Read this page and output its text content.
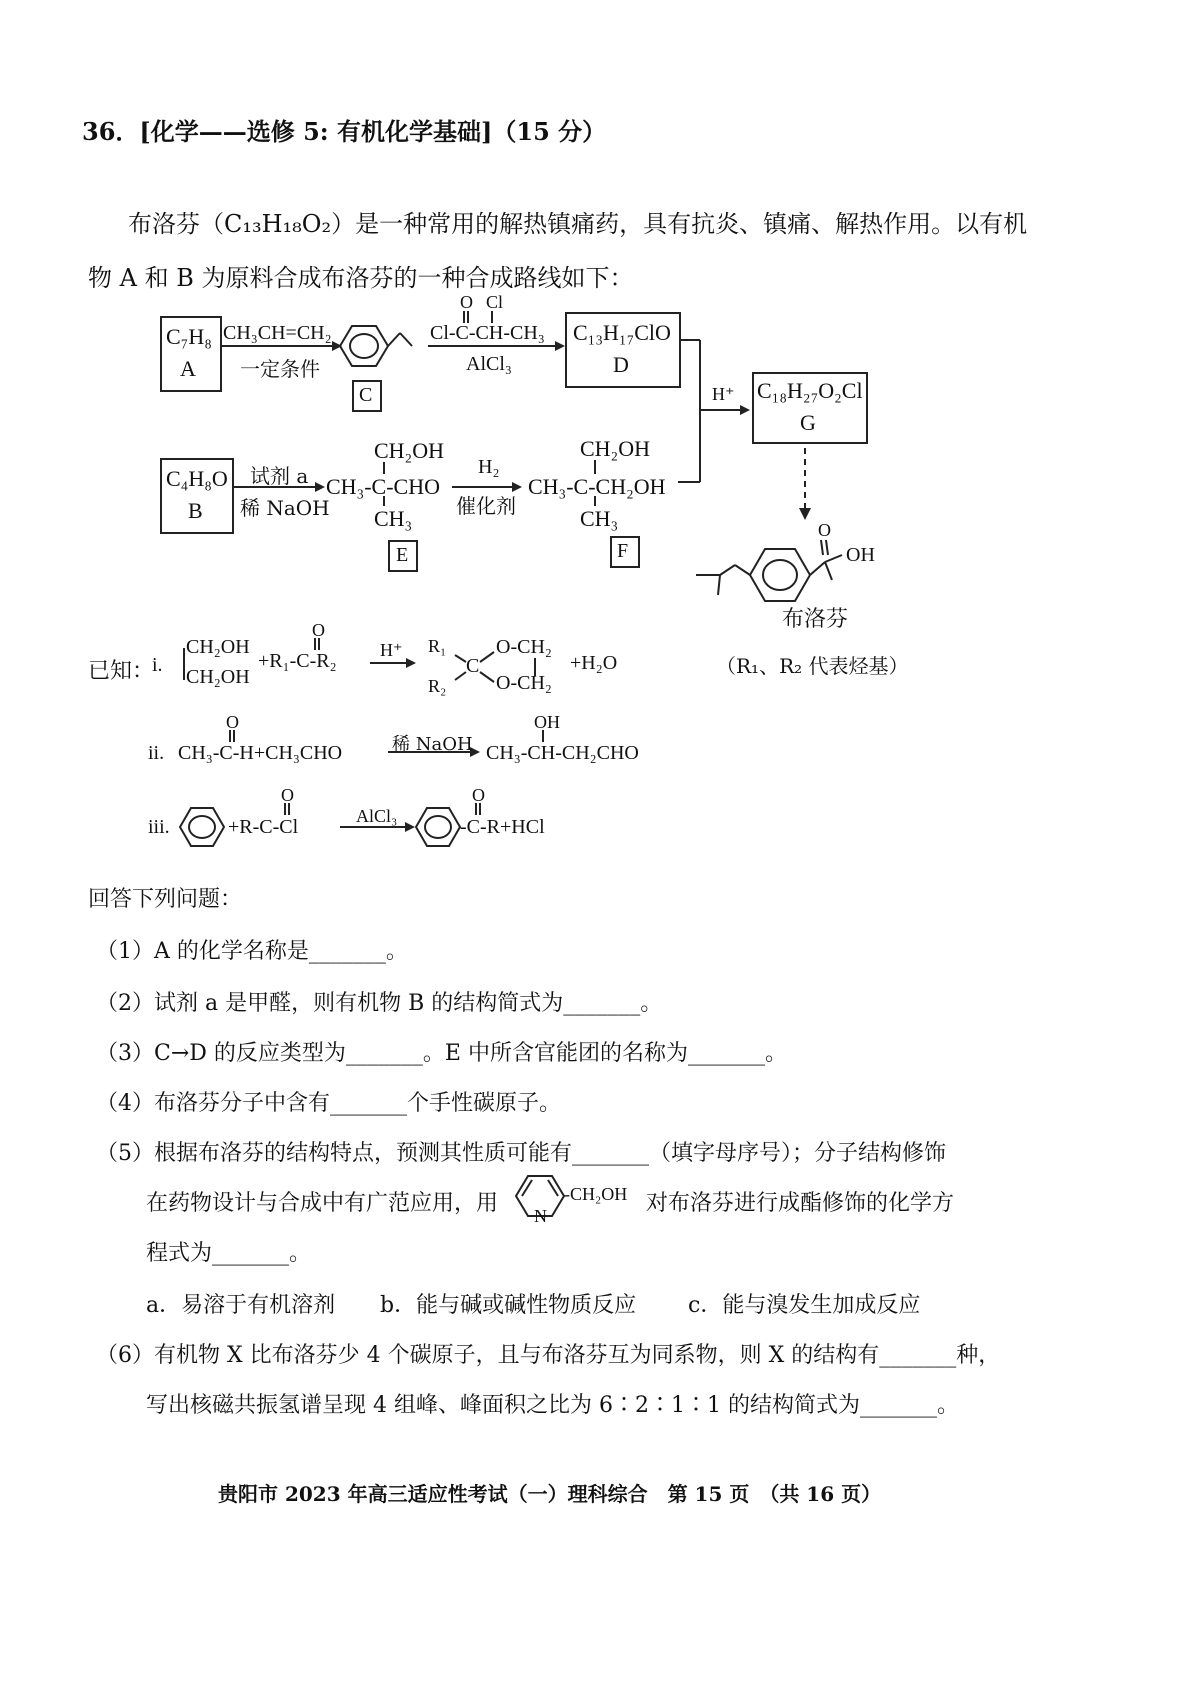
36．[化学——选修 5: 有机化学基础]（15 分）
布洛芬（C₁₃H₁₈O₂）是一种常用的解热镇痛药，具有抗炎、镇痛、解热作用。以有机
物 A 和 B 为原料合成布洛芬的一种合成路线如下：
C₇H₈
A
CH₃CH=CH₂
一定条件
C
O Cl
Cl-C-CH-CH₃
AlCl₃
C₁₃H₁₇ClO
D
H⁺ C₁₈H₂₇O₂Cl
G
C₄H₈O
B
试剂 a
稀 NaOH
CH₂OH
CH₃-C-CHO
CH₃
E
H₂
催化剂
CH₂OH
CH₃-C-CH₂OH
CH₃
F
O
OH
布洛芬
（R₁、R₂ 代表烃基）
已知：
i.
CH₂OH
CH₂OH
O
+R₁-C-R₂ H⁺ R₁
R₂
C
O-CH₂
O-CH₂
+H₂O
ii.
O
CH₃-C-H+CH₃CHO	稀 NaOH
OH
CH₃-CH-CH₂CHO
iii.
O
+R-C-Cl	AlCl₃
O
-C-R+HCl
回答下列问题：
（1）A 的化学名称是_______。
（2）试剂 a 是甲醛，则有机物 B 的结构简式为_______。
（3）C→D 的反应类型为_______。E 中所含官能团的名称为_______。
（4）布洛芬分子中含有_______个手性碳原子。
（5）根据布洛芬的结构特点，预测其性质可能有_______（填字母序号）；分子结构修饰
在药物设计与合成中有广范应用，用	-CH₂OH
N	对布洛芬进行成酯修饰的化学方
程式为_______。
a．易溶于有机溶剂 b．能与碱或碱性物质反应 c．能与溴发生加成反应
（6）有机物 X 比布洛芬少 4 个碳原子，且与布洛芬互为同系物，则 X 的结构有_______种，
写出核磁共振氢谱呈现 4 组峰、峰面积之比为 6∶2∶1∶1 的结构简式为_______。
贵阳市 2023 年高三适应性考试（一）理科综合　第 15 页　（共 16 页）
